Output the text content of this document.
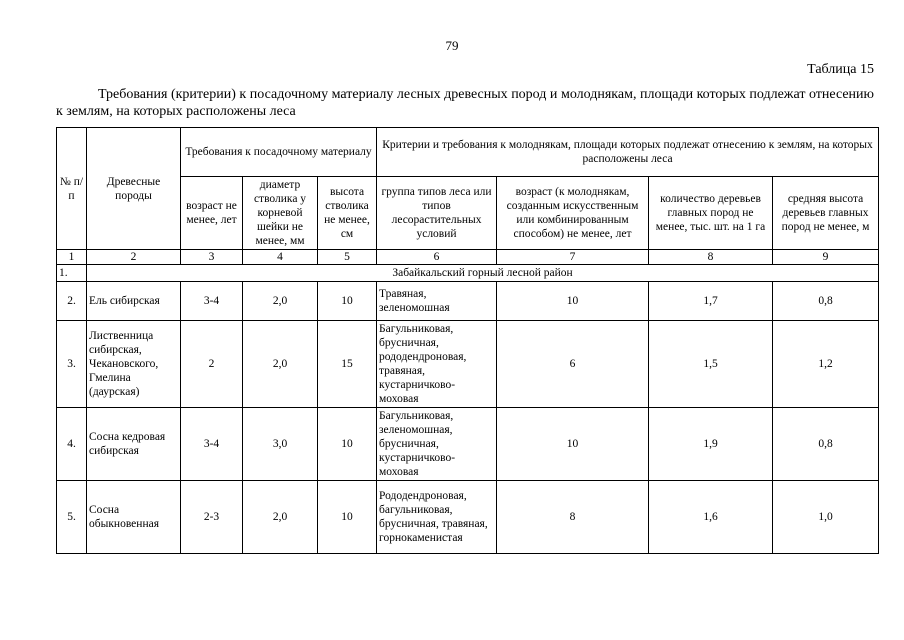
79
Таблица 15
Требования (критерии) к посадочному материалу лесных древесных пород и молоднякам, площади которых подлежат отнесению к землям, на которых расположены леса
№ п/п	Древесные породы	Требования к посадочному материалу			Критерии и требования к молоднякам, площади которых подлежат отнесению к землям, на которых расположены леса			
		возраст не менее, лет	диаметр стволика у корневой шейки не менее, мм	высота стволика не менее, см	группа типов леса или типов лесорастительных условий	возраст (к молоднякам, созданным искусственным или комбинированным способом) не менее, лет	количество деревьев главных пород не менее, тыс. шт. на 1 га	средняя высота деревьев главных пород не менее, м
1	2	3	4	5	6	7	8	9
1.	Забайкальский горный лесной район							
2.	Ель сибирская	3-4	2,0	10	Травяная, зеленомошная	10	1,7	0,8
3.	Лиственница сибирская, Чекановского, Гмелина (даурская)	2	2,0	15	Багульниковая, брусничная, рододендроновая, травяная, кустарничково-моховая	6	1,5	1,2
4.	Сосна кедровая сибирская	3-4	3,0	10	Багульниковая, зеленомошная, брусничная, кустарничково-моховая	10	1,9	0,8
5.	Сосна обыкновенная	2-3	2,0	10	Рододендроновая, багульниковая, брусничная, травяная, горнокаменистая	8	1,6	1,0
